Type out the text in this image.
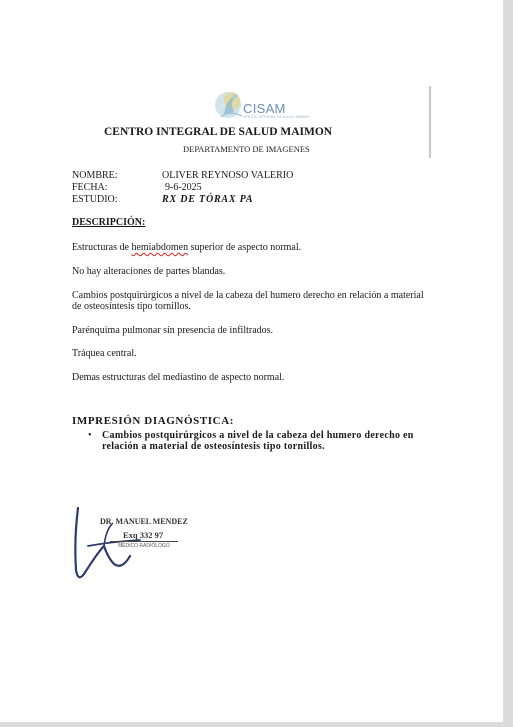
CISAM
CENTRO INTEGRAL DE SALUD MAIMON
CENTRO INTEGRAL DE SALUD MAIMON
DEPARTAMENTO DE IMAGENES
NOMBRE:	OLIVER REYNOSO VALERIO
FECHA:	9-6-2025
ESTUDIO:	RX DE TÓRAX PA
DESCRIPCIÓN:
Estructuras de hemiabdomen superior de aspecto normal.
No hay alteraciones de partes blandas.
Cambios postquirúrgicos a nivel de la cabeza del humero derecho en relación a material de osteosíntesis tipo tornillos.
Parénquima pulmonar sin presencia de infiltrados.
Tráquea central.
Demas estructuras del mediastino de aspecto normal.
IMPRESIÓN DIAGNÓSTICA:
• Cambios postquirúrgicos a nivel de la cabeza del humero derecho en relación a material de osteosíntesis tipo tornillos.
DR. MANUEL MENDEZ
Exq 332 97
MÉDICO RADIÓLOGO
